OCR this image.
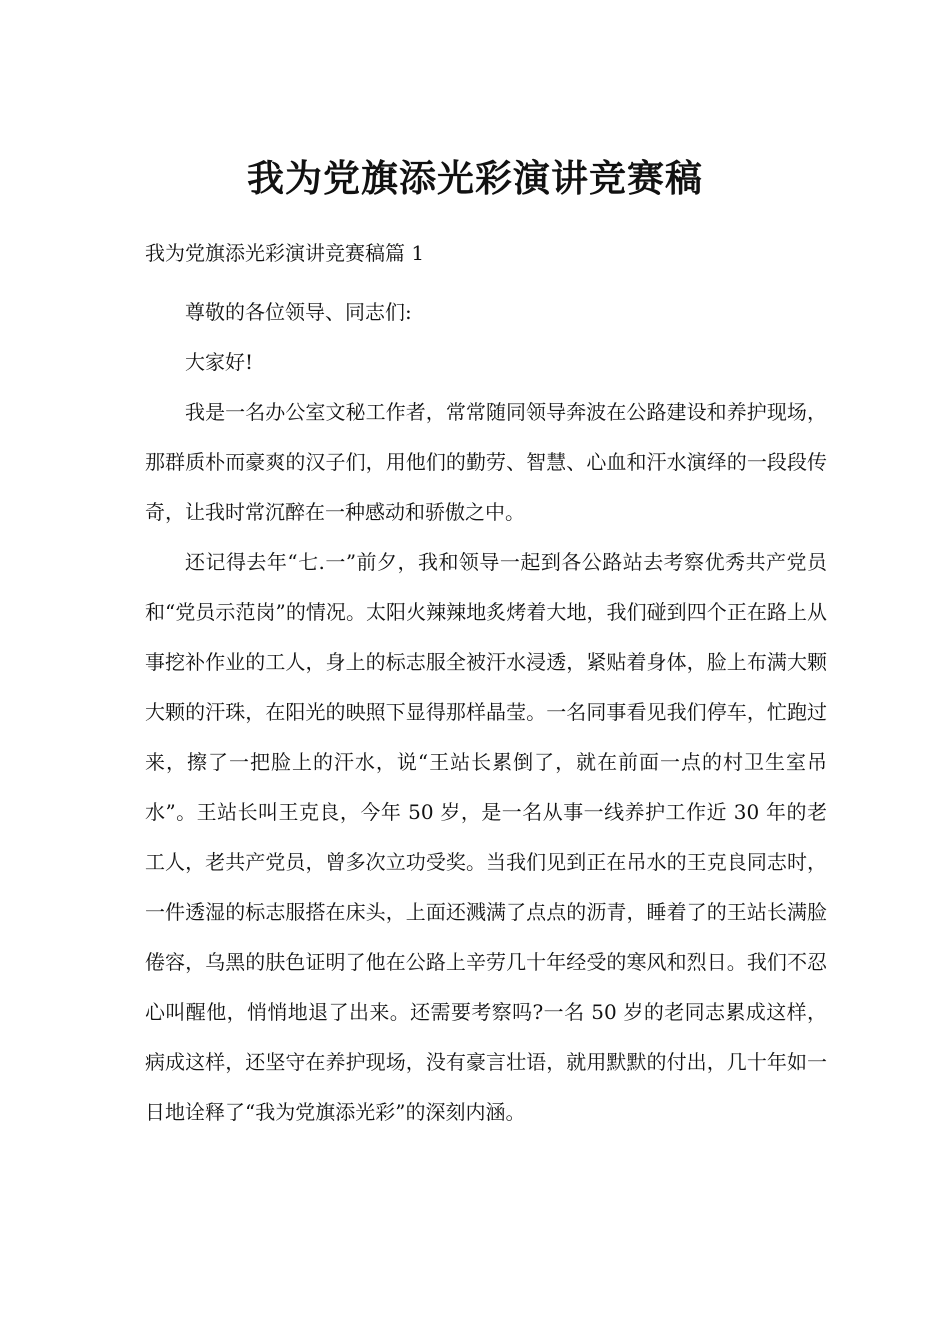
我为党旗添光彩演讲竞赛稿
我为党旗添光彩演讲竞赛稿篇 1

尊敬的各位领导、同志们:

大家好!

我是一名办公室文秘工作者，常常随同领导奔波在公路建设和养护现场，那群质朴而豪爽的汉子们，用他们的勤劳、智慧、心血和汗水演绎的一段段传奇，让我时常沉醉在一种感动和骄傲之中。

还记得去年“七.一”前夕，我和领导一起到各公路站去考察优秀共产党员和“党员示范岗”的情况。太阳火辣辣地炙烤着大地，我们碰到四个正在路上从事挖补作业的工人，身上的标志服全被汗水浸透，紧贴着身体，脸上布满大颗大颗的汗珠，在阳光的映照下显得那样晶莹。一名同事看见我们停车，忙跑过来，擦了一把脸上的汗水，说“王站长累倒了，就在前面一点的村卫生室吊水”。王站长叫王克良，今年 50 岁，是一名从事一线养护工作近 30 年的老工人，老共产党员，曾多次立功受奖。当我们见到正在吊水的王克良同志时，一件透湿的标志服搭在床头，上面还溅满了点点的沥青，睡着了的王站长满脸倦容，乌黑的肤色证明了他在公路上辛劳几十年经受的寒风和烈日。我们不忍心叫醒他，悄悄地退了出来。还需要考察吗?一名 50 岁的老同志累成这样，病成这样，还坚守在养护现场，没有豪言壮语，就用默默的付出，几十年如一日地诠释了“我为党旗添光彩”的深刻内涵。
